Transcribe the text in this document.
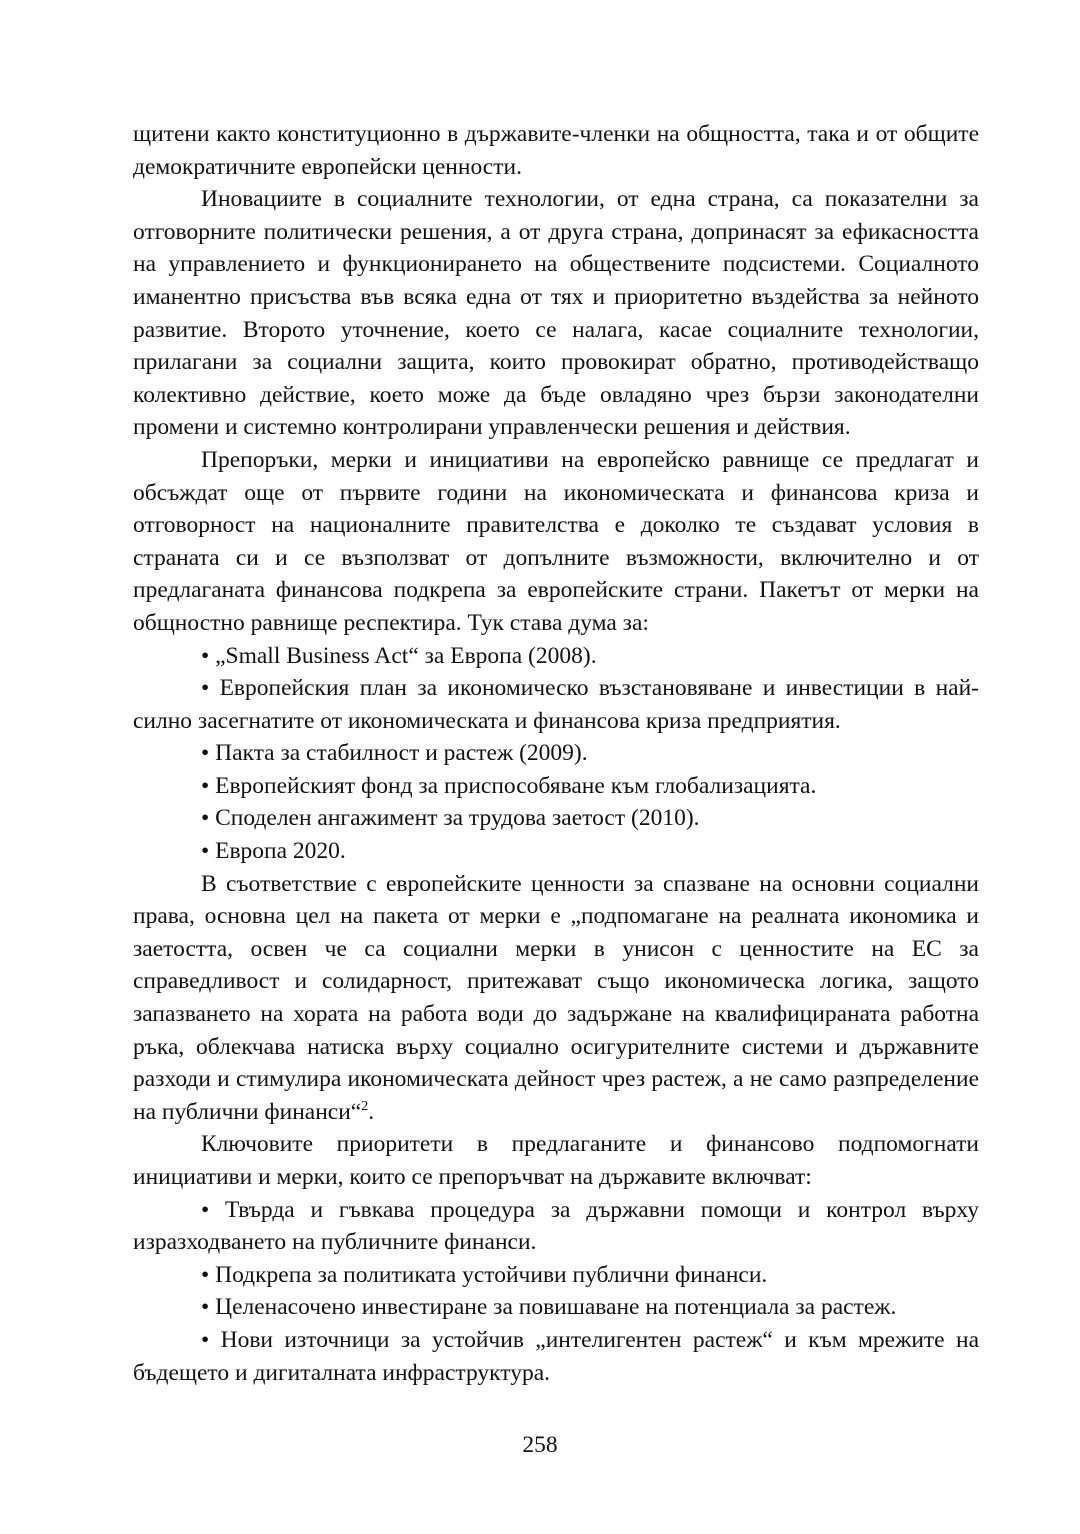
щитени както конституционно в държавите-членки на общността, така и от общите демократичните европейски ценности.

Иновациите в социалните технологии, от една страна, са показателни за отговорните политически решения, а от друга страна, допринасят за ефикасността на управлението и функционирането на обществените подсистеми. Социалното иманентно присъства във всяка една от тях и приоритетно въздейства за нейното развитие. Второто уточнение, което се налага, касае социалните технологии, прилагани за социални защита, които провокират обратно, противодействащо колективно действие, което може да бъде овладяно чрез бързи законодателни промени и системно контролирани управленчески решения и действия.

Препоръки, мерки и инициативи на европейско равнище се предлагат и обсъждат още от първите години на икономическата и финансова криза и отговорност на националните правителства е доколко те създават условия в страната си и се възползват от допълните възможности, включително и от предлаганата финансова подкрепа за европейските страни. Пакетът от мерки на общностно равнище респектира. Тук става дума за:

• „Small Business Act“ за Европа (2008).

• Европейския план за икономическо възстановяване и инвестиции в най-силно засегнатите от икономическата и финансова криза предприятия.

• Пакта за стабилност и растеж (2009).

• Европейският фонд за приспособяване към глобализацията.

• Споделен ангажимент за трудова заетост (2010).

• Европа 2020.

В съответствие с европейските ценности за спазване на основни социални права, основна цел на пакета от мерки е „подпомагане на реалната икономика и заетостта, освен че са социални мерки в унисон с ценностите на ЕС за справедливост и солидарност, притежават също икономическа логика, защото запазването на хората на работа води до задържане на квалифицираната работна ръка, облекчава натиска върху социално осигурителните системи и държавните разходи и стимулира икономическата дейност чрез растеж, а не само разпределение на публични финанси“$^2$.

Ключовите приоритети в предлаганите и финансово подпомогнати инициативи и мерки, които се препоръчват на държавите включват:

• Твърда и гъвкава процедура за държавни помощи и контрол върху изразходването на публичните финанси.

• Подкрепа за политиката устойчиви публични финанси.

• Целенасочено инвестиране за повишаване на потенциала за растеж.

• Нови източници за устойчив „интелигентен растеж“ и към мрежите на бъдещето и дигиталната инфраструктура.

258
